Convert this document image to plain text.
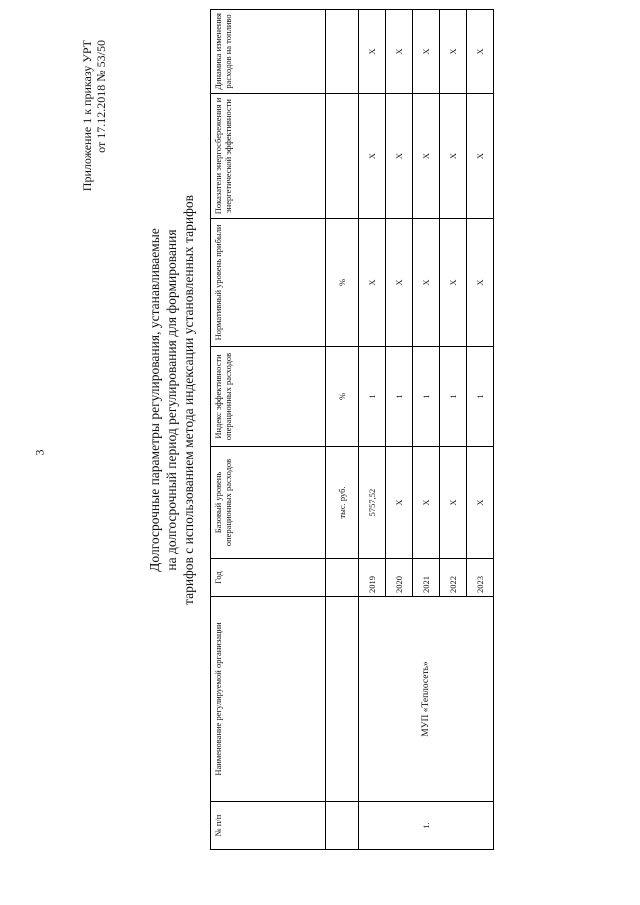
3
Приложение 1 к приказу УРТ от 17.12.2018 № 53/50
Долгосрочные параметры регулирования, устанавливаемые на долгосрочный период регулирования для формирования тарифов с использованием метода индексации установленных тарифов
№ п/п	Наименование регулируемой организации	Год	Базовый уровень операционных расходов	Индекс эффективности операционных расходов	Нормативный уровень прибыли	Показатели энергосбережения и энергетической эффективности	Динамика изменения расходов на топливо
			тыс. руб.	%	%		
1.	МУП «Теплосеть»	2019	5757,52	1	X	X	X
		2020	X	1	X	X	X
		2021	X	1	X	X	X
		2022	X	1	X	X	X
		2023	X	1	X	X	X
